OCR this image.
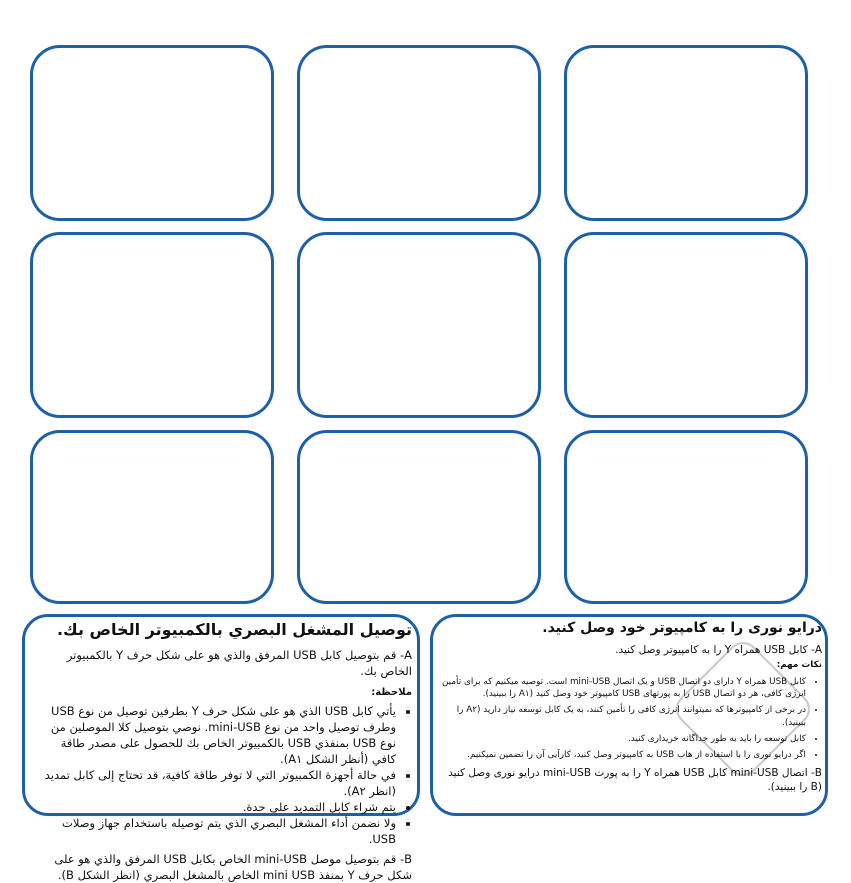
توصيل المشغل البصري بالكمبيوتر الخاص بك.

A- قم بتوصيل كابل USB المرفق والذي هو على شكل حرف Y بالكمبيوتر الخاص بك.

ملاحظة:

• يأتي كابل USB الذي هو على شكل حرف Y بطرفين توصيل من نوع USB وطرف توصيل واحد من نوع mini-USB. نوصي بتوصيل كلا الموصلين من نوع USB بمنفذي USB بالكمبيوتر الخاص بك للحصول على مصدر طاقة كافي (أنظر الشكل A١).
• في حالة أجهزة الكمبيوتر التي لا توفر طاقة كافية، قد تحتاج إلى كابل تمديد (انظر A٢).
• يتم شراء كابل التمديد على حدة.
• ولا نضمن أداء المشغل البصري الذي يتم توصيله باستخدام جهاز وصلات USB.

B- قم بتوصيل موصل mini-USB الخاص بكابل USB المرفق والذي هو على شكل حرف Y بمنفذ mini USB الخاص بالمشغل البصري (انظر الشكل B).

درایو نوری را به کامپیوتر خود وصل کنید.

A- کابل USB همراه Y را به کامپیوتر وصل کنید.

نکات مهم:

• کابل USB همراه Y دارای دو اتصال USB و یک اتصال mini-USB است. توصیه میکنیم که برای تأمین انرژی کافی، هر دو اتصال USB را به پورتهای USB کامپیوتر خود وصل کنید (A١ را ببینید).
• در برخی از کامپیوترها که نمیتوانند انرژی کافی را تأمین کنند، به یک کابل توسعه نیاز دارید (A٢ را ببینید).
• کابل توسعه را باید به طور جداگانه خریداری کنید.
• اگر درایو نوری را با استفاده از هاب USB به کامپیوتر وصل کنید، کارآیی آن را تضمین نمیکنیم.

B- اتصال mini-USB کابل USB همراه Y را به پورت mini-USB درایو نوری وصل کنید (B را ببینید).
